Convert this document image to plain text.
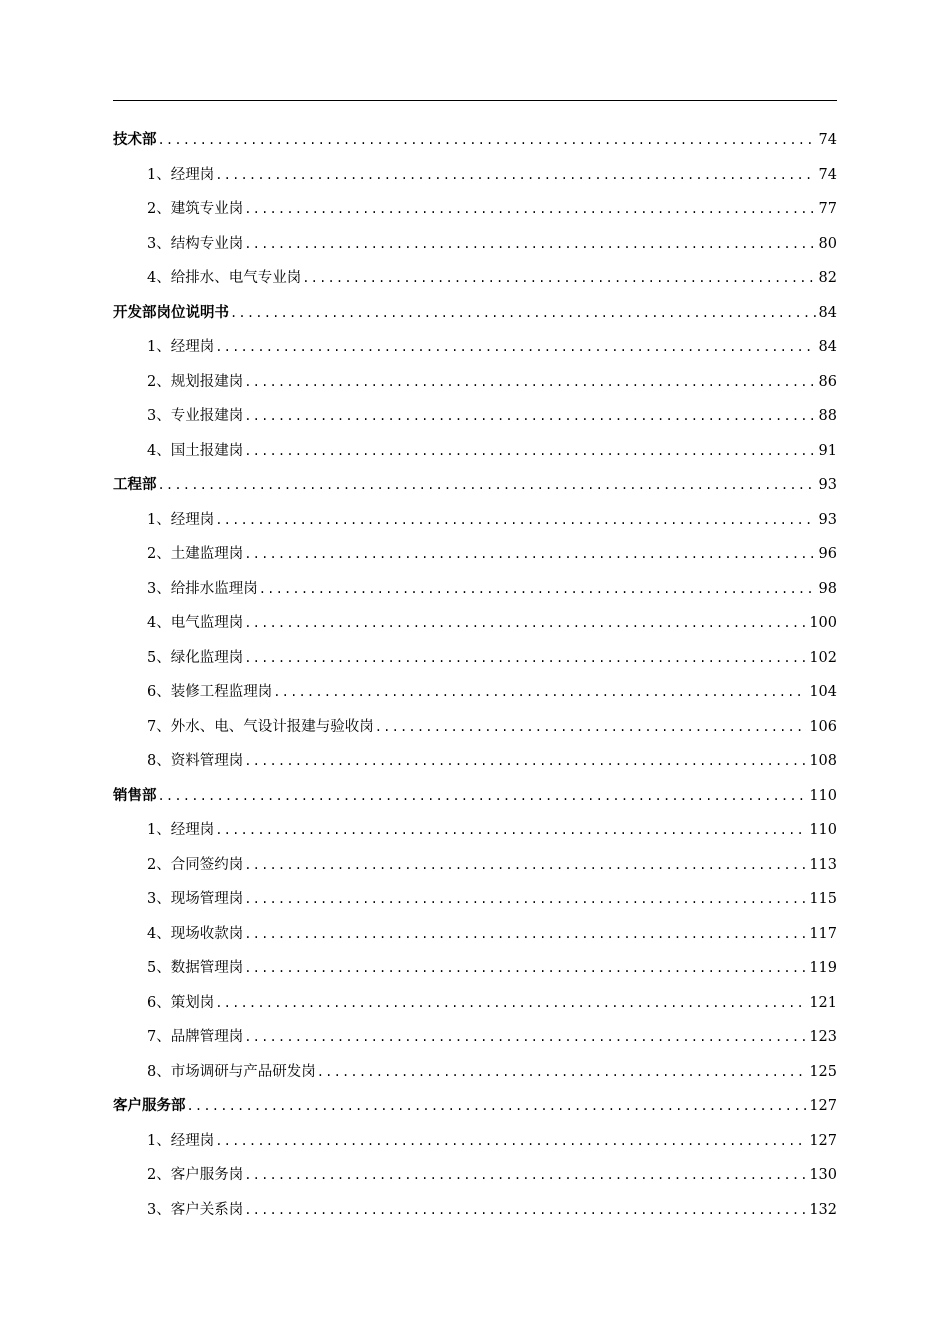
技术部 .....	74
1、经理岗 .....	74
2、建筑专业岗 .....	77
3、结构专业岗 .....	80
4、给排水、电气专业岗 .....	82
开发部岗位说明书 .....	84
1、经理岗 .....	84
2、规划报建岗 .....	86
3、专业报建岗 .....	88
4、国土报建岗 .....	91
工程部 .....	93
1、经理岗 .....	93
2、土建监理岗 .....	96
3、给排水监理岗 .....	98
4、电气监理岗 .....	100
5、绿化监理岗 .....	102
6、装修工程监理岗 .....	104
7、外水、电、气设计报建与验收岗 .....	106
8、资料管理岗 .....	108
销售部 .....	110
1、经理岗 .....	110
2、合同签约岗 .....	113
3、现场管理岗 .....	115
4、现场收款岗 .....	117
5、数据管理岗 .....	119
6、策划岗 .....	121
7、品牌管理岗 .....	123
8、市场调研与产品研发岗 .....	125
客户服务部 .....	127
1、经理岗 .....	127
2、客户服务岗 .....	130
3、客户关系岗 .....	132
